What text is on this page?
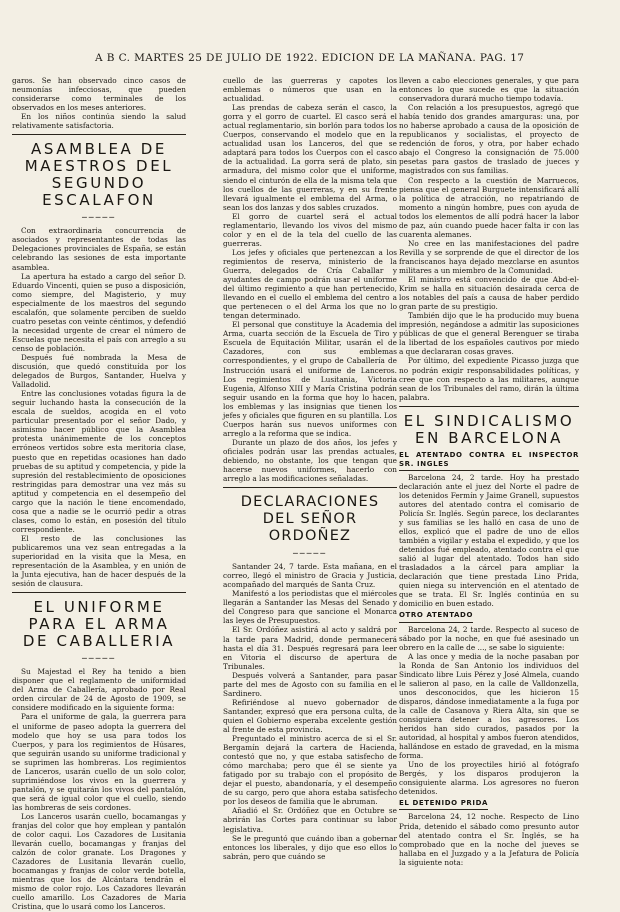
A B C. MARTES 25 DE JULIO DE 1922. EDICION DE LA MAÑANA. PAG. 17

garos. Se han observado cinco casos de neumonías infecciosas, que pueden considerarse como terminales de los observados en los meses anteriores.

En los niños continúa siendo la salud relativamente satisfactoria.

ASAMBLEA DE MAESTROS DEL SEGUNDO ESCALAFON
─────

Con extraordinaria concurrencia de asociados y representantes de todas las Delegaciones provinciales de España, se están celebrando las sesiones de esta importante asamblea.

La apertura ha estado a cargo del señor D. Eduardo Vincenti, quien se puso a disposición, como siempre, del Magisterio, y muy especialmente de los maestros del segundo escalafón, que solamente perciben de sueldo cuatro pesetas con veinte céntimos, y defendió la necesidad urgente de crear el número de Escuelas que necesita el país con arreglo a su censo de población.

Después fué nombrada la Mesa de discusión, que quedó constituída por los delegados de Burgos, Santander, Huelva y Valladolid.

Entre las conclusiones votadas figura la de seguir luchando hasta la consecución de la escala de sueldos, acogida en el voto particular presentado por el señor Dado, y asimismo hacer público que la Asamblea protesta unánimemente de los conceptos erróneos vertidos sobre esta meritoria clase, puesto que en repetidas ocasiones han dado pruebas de su aptitud y competencia, y pide la supresión del restablecimiento de oposiciones restringidas para demostrar una vez más su aptitud y competencia en el desempeño del cargo que la nación le tiene encomendado, cosa que a nadie se le ocurrió pedir a otras clases, como lo están, en posesión del título correspondiente.

El resto de las conclusiones las publicaremos una vez sean entregadas a la superioridad en la visita que la Mesa, en representación de la Asamblea, y en unión de la Junta ejecutiva, han de hacer después de la sesión de clausura.

EL UNIFORME PARA EL ARMA DE CABALLERIA
─────

Su Majestad el Rey ha tenido a bien disponer que el reglamento de uniformidad del Arma de Caballería, aprobado por Real orden circular de 24 de Agosto de 1909, se considere modificado en la siguiente forma:

Para el uniforme de gala, la guerrera para el uniforme de paseo adopta la guerrera del modelo que hoy se usa para todos los Cuerpos, y para los regimientos de Húsares, que seguirán usando su uniforme tradicional y se suprimen las hombreras. Los regimientos de Lanceros, usarán cuello de un solo color, suprimiéndose los vivos en la guerrera y pantalón, y se quitarán los vivos del pantalón, que será de igual color que el cuello, siendo las hombreras de seis cordones.

Los Lanceros usarán cuello, bocamangas y franjas del color que hoy emplean y pantalón de color caqui. Los Cazadores de Lusitania llevarán cuello, bocamangas y franjas del calzón de color granate. Los Dragones y Cazadores de Lusitania llevarán cuello, bocamangas y franjas de color verde botella, mientras que los de Alcántara tendrán el mismo de color rojo. Los Cazadores llevarán cuello amarillo. Los Cazadores de Maria Cristina, que lo usará como los Lanceros.

cuello de las guerreras y capotes los emblemas o números que usan en la actualidad.

Las prendas de cabeza serán el casco, la gorra y el gorro de cuartel. El casco será el actual reglamentario, sin borlón para todos los Cuerpos, conservando el modelo que en la actualidad usan los Lanceros, del que se adaptará para todos los Cuerpos con el casco de la actualidad. La gorra será de plato, sin armadura, del mismo color que el uniforme, siendo el cinturón de ella de la misma tela que los cuellos de las guerreras, y en su frente llevará igualmente el emblema del Arma, o sean los dos lanzas y dos sables cruzados.

El gorro de cuartel será el actual reglamentario, llevando los vivos del mismo color y en el de la tela del cuello de las guerreras.

Los jefes y oficiales que pertenezcan a los regimientos de reserva, ministerio de la Guerra, delegados de Cría Caballar y ayudantes de campo podrán usar el uniforme del último regimiento a que han pertenecido, llevando en el cuello el emblema del centro a que pertenecen o el del Arma los que no lo tengan determinado.

El personal que constituye la Academia del Arma, cuarta sección de la Escuela de Tiro y Escuela de Equitación Militar, usarán el de Cazadores, con sus emblemas correspondientes, y el grupo de Caballería de Instrucción usará el uniforme de Lanceros. Los regimientos de Lusitania, Victoria Eugenia, Alfonso XIII y María Cristina podrán seguir usando en la forma que hoy lo hacen, los emblemas y las insignias que tienen los jefes y oficiales que figuren en su plantilla. Los Cuerpos harán sus nuevos uniformes con arreglo a la reforma que se indica.

Durante un plazo de dos años, los jefes y oficiales podrán usar las prendas actuales, debiendo, no obstante, los que tengan que hacerse nuevos uniformes, hacerlo con arreglo a las modificaciones señaladas.

DECLARACIONES DEL SEÑOR ORDOÑEZ
─────

Santander 24, 7 tarde. Esta mañana, en el correo, llegó el ministro de Gracia y Justicia, acompañado del marqués de Santa Cruz.

Manifestó a los periodistas que el miércoles llegarán a Santander las Mesas del Senado y del Congreso para que sancione el Monarca las leyes de Presupuestos.

El Sr. Ordóñez asistirá al acto y saldrá por la tarde para Madrid, donde permanecerá hasta el día 31. Después regresará para leer en Vitoria el discurso de apertura de Tribunales.

Después volverá a Santander, para pasar parte del mes de Agosto con su familia en el Sardinero.

Refiriéndose al nuevo gobernador de Santander, expresó que era persona culta, de quien el Gobierno esperaba excelente gestión al frente de esta provincia.

Preguntado el ministro acerca de si el Sr. Bergamín dejará la cartera de Hacienda, contestó que no, y que estaba satisfecho de cómo marchaba; pero que él se siente ya fatigado por su trabajo con el propósito de dejar el puesto, abandonaría, y el desempeño de su cargo, pero que ahora estaba satisfecho por los deseos de familia que le abruman.

Añadió el Sr. Ordóñez que en Octubre se abrirán las Cortes para continuar su labor legislativa.

Se le preguntó que cuándo iban a gobernar entonces los liberales, y dijo que eso ellos lo sabrán, pero que cuándo se

lleven a cabo elecciones generales, y que para entonces lo que sucede es que la situación conservadora durará mucho tiempo todavía.

Con relación a los presupuestos, agregó que había tenido dos grandes amarguras: una, por no haberse aprobado a causa de la oposición de republicanos y socialistas, el proyecto de redención de foros, y otra, por haber echado abajo el Congreso la consignación de 75.000 pesetas para gastos de traslado de jueces y magistrados con sus familias.

Con respecto a la cuestión de Marruecos, piensa que el general Burguete intensificará allí la política de atracción, no repatriando de momento a ningún hombre, pues con ayuda de todos los elementos de allí podrá hacer la labor de paz, aún cuando puede hacer falta ir con las cuarenta alemanes.

No cree en las manifestaciones del padre Revilla y se sorprende de que el director de los franciscanos haya dejado mezclarse en asuntos militares a un miembro de la Comunidad.

El ministro está convencido de que Abd-el-Krim se halla en situación desairada cerca de los notables del país a causa de haber perdido gran parte de su prestigio.

También dijo que le ha producido muy buena impresión, negándose a admitir las suposiciones públicas de que el general Berenguer se tiraba la libertad de los españoles cautivos por miedo a que declararan cosas graves.

Por último, del expediente Picasso juzga que no podrán exigir responsabilidades políticas, y cree que con respecto a las militares, aunque sean de los Tribunales del ramo, dirán la última palabra.

EL SINDICALISMO EN BARCELONA
EL ATENTADO CONTRA EL INSPECTOR SR. INGLES

Barcelona 24, 2 tarde. Hoy ha prestado declaración ante el juez del Norte el padre de los detenidos Fermín y Jaime Granell, supuestos autores del atentado contra el comisario de Policía Sr. Inglés. Según parece, los declarantes y sus familias se les halló en casa de uno de ellos, explicó que el padre de uno de ellos también a vigilar y estaba el expedido, y que los detenidos fué empleado, atentado contra el que salió al lugar del atentado. Todos han sido trasladados a la cárcel para ampliar la declaración que tiene prestada Lino Prida, quien niega su intervención en el atentado de que se trata. El Sr. Inglés continúa en su domicilio en buen estado.

OTRO ATENTADO

Barcelona 24, 2 tarde. Respecto al suceso de sábado por la noche, en que fué asesinado un obrero en la calle de ..., se sabe lo siguiente:

A las once y media de la noche pasaban por la Ronda de San Antonio los individuos del Sindicato libre Luis Pérez y José Almela, cuando le salieron al paso, en la calle de Valldonzella, unos desconocidos, que les hicieron 15 disparos, dándose inmediatamente a la fuga por la calle de Casanova y Riera Alta, sin que se consiguiera detener a los agresores. Los heridos han sido curados, pasados por la autoridad, al hospital y ambos fueron atendidos, hallándose en estado de gravedad, en la misma forma.

Uno de los proyectiles hirió al fotógrafo Bergés, y los disparos produjeron la consiguiente alarma. Los agresores no fueron detenidos.

EL DETENIDO PRIDA

Barcelona 24, 12 noche. Respecto de Lino Prida, detenido el sábado como presunto autor del atentado contra el Sr. Inglés, se ha comprobado que en la noche del jueves se hallaba en el Juzgado y a la Jefatura de Policía la siguiente nota:
